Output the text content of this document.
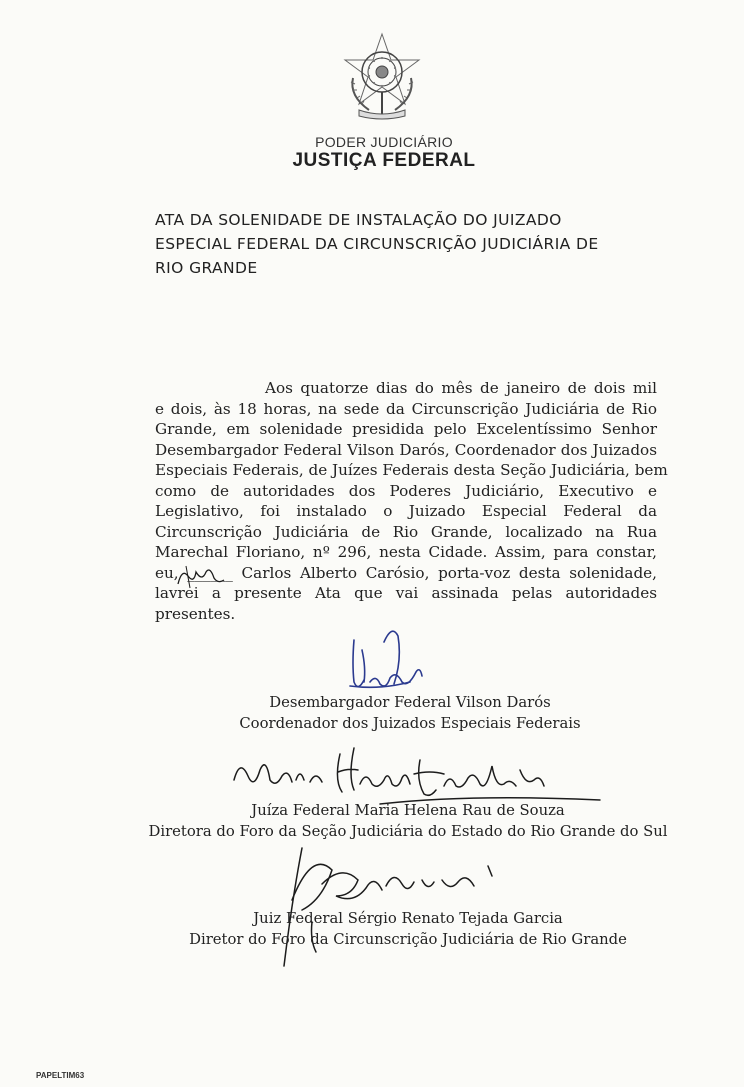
PODER JUDICIÁRIO
JUSTIÇA FEDERAL
ATA DA SOLENIDADE DE INSTALAÇÃO DO JUIZADO
ESPECIAL FEDERAL DA CIRCUNSCRIÇÃO JUDICIÁRIA DE
RIO GRANDE
Aos quatorze dias do mês de janeiro de dois mil
e dois, às 18 horas, na sede da Circunscrição Judiciária de Rio
Grande, em solenidade presidida pelo Excelentíssimo Senhor
Desembargador Federal Vilson Darós, Coordenador dos Juizados
Especiais Federais, de Juízes Federais desta Seção Judiciária, bem
como de autoridades dos Poderes Judiciário, Executivo e
Legislativo, foi instalado o Juizado Especial Federal da
Circunscrição Judiciária de Rio Grande, localizado na Rua
Marechal Floriano, nº 296, nesta Cidade. Assim, para constar,
eu, ______ Carlos Alberto Carósio, porta-voz desta solenidade,
lavrei a presente Ata que vai assinada pelas autoridades
presentes.
Desembargador Federal Vilson Darós
Coordenador dos Juizados Especiais Federais
Juíza Federal Maria Helena Rau de Souza
Diretora do Foro da Seção Judiciária do Estado do Rio Grande do Sul
Juiz Federal Sérgio Renato Tejada Garcia
Diretor do Foro da Circunscrição Judiciária de Rio Grande
PAPELTIM63
